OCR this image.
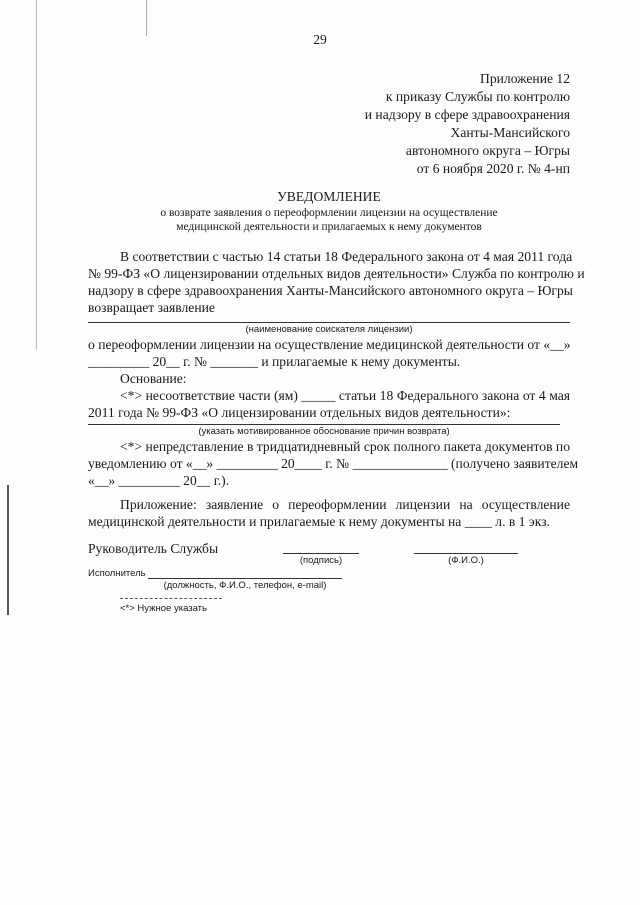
29
Приложение 12
к приказу Службы по контролю
и надзору в сфере здравоохранения
Ханты-Мансийского
автономного округа – Югры
от 6 ноября 2020 г. № 4-нп
УВЕДОМЛЕНИЕ
о возврате заявления о переоформлении лицензии на осуществление
медицинской деятельности и прилагаемых к нему документов
В соответствии с частью 14 статьи 18 Федерального закона от 4 мая 2011 года
№ 99-ФЗ «О лицензировании отдельных видов деятельности» Служба по контролю и
надзору в сфере здравоохранения Ханты-Мансийского автономного округа – Югры
возвращает заявление
(наименование соискателя лицензии)
о переоформлении лицензии на осуществление медицинской деятельности от «__»
_________ 20__ г. № _______ и прилагаемые к нему документы.
Основание:
<*> несоответствие части (ям) _____ статьи 18 Федерального закона от 4 мая
2011 года № 99-ФЗ «О лицензировании отдельных видов деятельности»:
(указать мотивированное обоснование причин возврата)
<*> непредставление в тридцатидневный срок полного пакета документов по
уведомлению от «__» _________ 20____ г. № ______________ (получено заявителем
«__» _________ 20__ г.).
Приложение: заявление о переоформлении лицензии на осуществление
медицинской деятельности и прилагаемые к нему документы на ____ л. в 1 экз.
Руководитель Службы
(подпись)	(Ф.И.О.)
Исполнитель
(должность, Ф.И.О., телефон, e-mail)
<*> Нужное указать
